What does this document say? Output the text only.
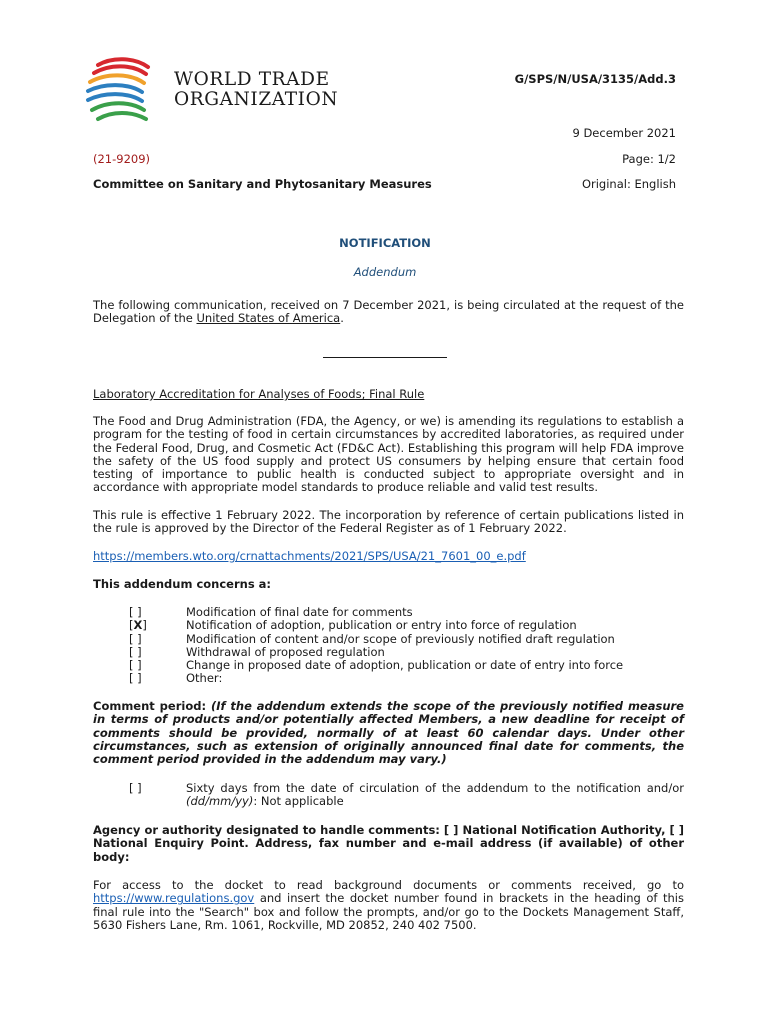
WORLD TRADE
ORGANIZATION
G/SPS/N/USA/3135/Add.3
9 December 2021
(21-9209)	Page: 1/2
Committee on Sanitary and Phytosanitary Measures	Original: English
NOTIFICATION
Addendum

The following communication, received on 7 December 2021, is being circulated at the request of the Delegation of the United States of America.

Laboratory Accreditation for Analyses of Foods; Final Rule

The Food and Drug Administration (FDA, the Agency, or we) is amending its regulations to establish a program for the testing of food in certain circumstances by accredited laboratories, as required under the Federal Food, Drug, and Cosmetic Act (FD&C Act). Establishing this program will help FDA improve the safety of the US food supply and protect US consumers by helping ensure that certain food testing of importance to public health is conducted subject to appropriate oversight and in accordance with appropriate model standards to produce reliable and valid test results.

This rule is effective 1 February 2022. The incorporation by reference of certain publications listed in the rule is approved by the Director of the Federal Register as of 1 February 2022.

https://members.wto.org/crnattachments/2021/SPS/USA/21_7601_00_e.pdf

This addendum concerns a:

[ ]	Modification of final date for comments
[X]	Notification of adoption, publication or entry into force of regulation
[ ]	Modification of content and/or scope of previously notified draft regulation
[ ]	Withdrawal of proposed regulation
[ ]	Change in proposed date of adoption, publication or date of entry into force
[ ]	Other:

Comment period: (If the addendum extends the scope of the previously notified measure in terms of products and/or potentially affected Members, a new deadline for receipt of comments should be provided, normally of at least 60 calendar days. Under other circumstances, such as extension of originally announced final date for comments, the comment period provided in the addendum may vary.)

[ ]	Sixty days from the date of circulation of the addendum to the notification and/or (dd/mm/yy): Not applicable

Agency or authority designated to handle comments: [ ] National Notification Authority, [ ] National Enquiry Point. Address, fax number and e-mail address (if available) of other body:

For access to the docket to read background documents or comments received, go to https://www.regulations.gov and insert the docket number found in brackets in the heading of this final rule into the "Search" box and follow the prompts, and/or go to the Dockets Management Staff, 5630 Fishers Lane, Rm. 1061, Rockville, MD 20852, 240 402 7500.
